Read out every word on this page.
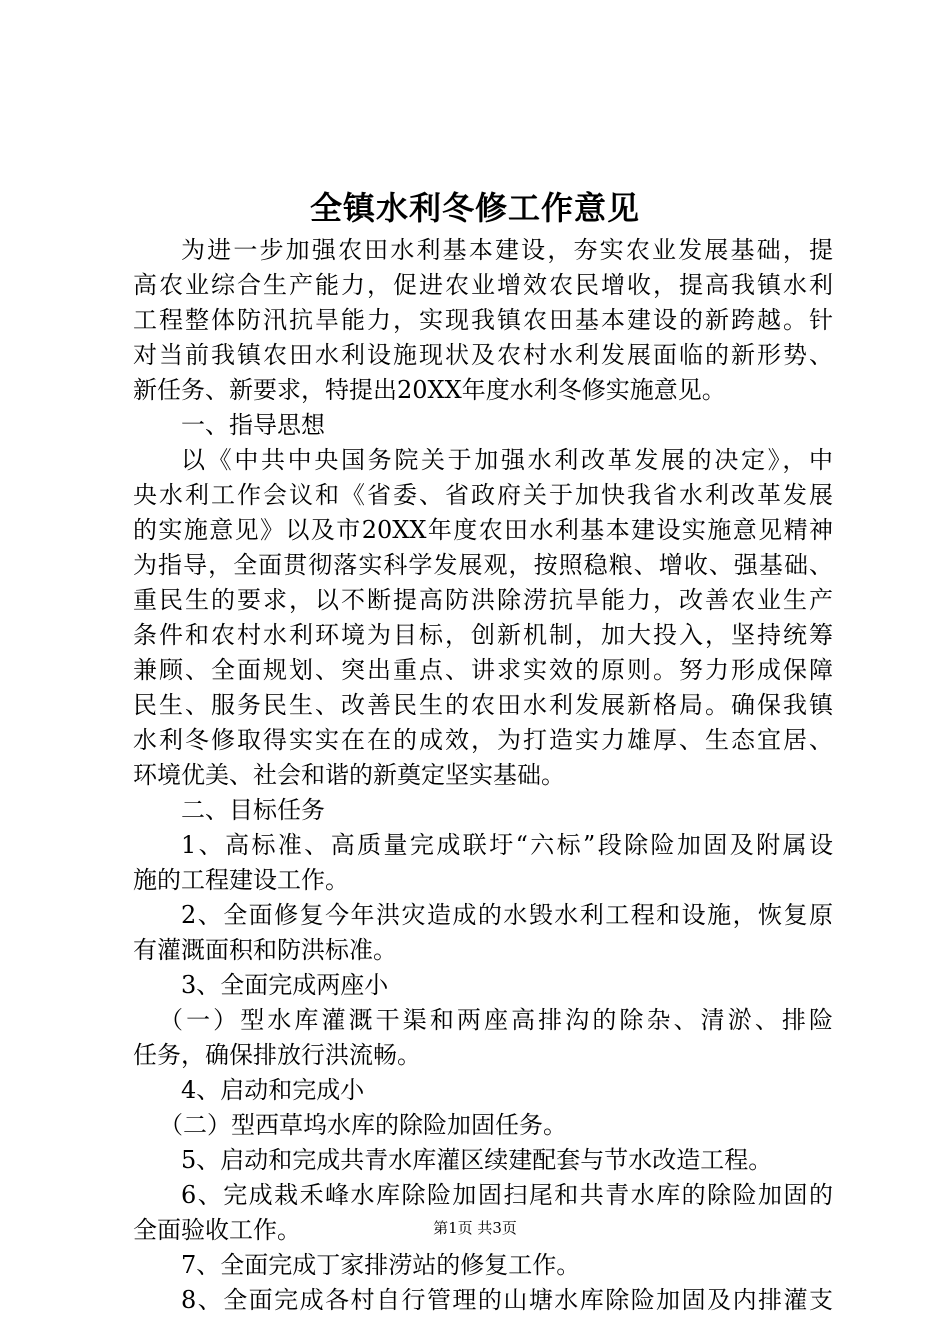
全镇水利冬修工作意见
为进一步加强农田水利基本建设，夯实农业发展基础，提
高农业综合生产能力，促进农业增效农民增收，提高我镇水利
工程整体防汛抗旱能力，实现我镇农田基本建设的新跨越。针
对当前我镇农田水利设施现状及农村水利发展面临的新形势、
新任务、新要求，特提出20XX年度水利冬修实施意见。
一、指导思想
以《中共中央国务院关于加强水利改革发展的决定》，中
央水利工作会议和《省委、省政府关于加快我省水利改革发展
的实施意见》以及市20XX年度农田水利基本建设实施意见精神
为指导，全面贯彻落实科学发展观，按照稳粮、增收、强基础、
重民生的要求，以不断提高防洪除涝抗旱能力，改善农业生产
条件和农村水利环境为目标，创新机制，加大投入，坚持统筹
兼顾、全面规划、突出重点、讲求实效的原则。努力形成保障
民生、服务民生、改善民生的农田水利发展新格局。确保我镇
水利冬修取得实实在在的成效，为打造实力雄厚、生态宜居、
环境优美、社会和谐的新奠定坚实基础。
二、目标任务
1、高标准、高质量完成联圩“六标”段除险加固及附属设
施的工程建设工作。
2、全面修复今年洪灾造成的水毁水利工程和设施，恢复原
有灌溉面积和防洪标准。
3、全面完成两座小
（一）型水库灌溉干渠和两座高排沟的除杂、清淤、排险
任务，确保排放行洪流畅。
4、启动和完成小
（二）型西草坞水库的除险加固任务。
5、启动和完成共青水库灌区续建配套与节水改造工程。
6、完成栽禾峰水库除险加固扫尾和共青水库的除险加固的
全面验收工作。
7、全面完成丁家排涝站的修复工作。
8、全面完成各村自行管理的山塘水库除险加固及内排灌支
第1页 共3页
